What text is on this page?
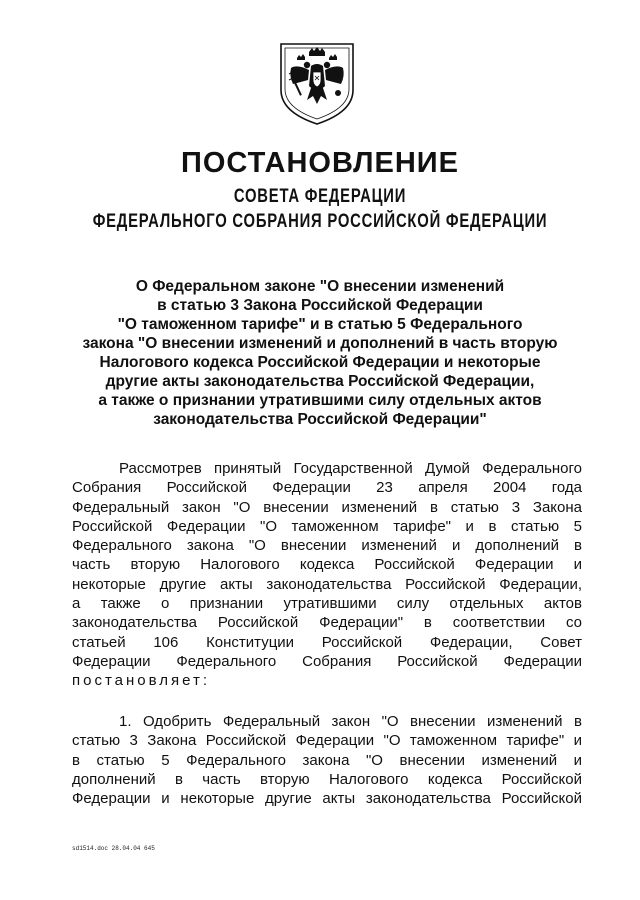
ПОСТАНОВЛЕНИЕ
СОВЕТА ФЕДЕРАЦИИ
ФЕДЕРАЛЬНОГО СОБРАНИЯ РОССИЙСКОЙ ФЕДЕРАЦИИ
О Федеральном законе "О внесении изменений
в статью 3 Закона Российской Федерации
"О таможенном тарифе" и в статью 5 Федерального
закона "О внесении изменений и дополнений в часть вторую
Налогового кодекса Российской Федерации и некоторые
другие акты законодательства Российской Федерации,
а также о признании утратившими силу отдельных актов
законодательства Российской Федерации"
Рассмотрев принятый Государственной Думой Федерального
Собрания Российской Федерации 23 апреля 2004 года
Федеральный закон "О внесении изменений в статью 3 Закона
Российской Федерации "О таможенном тарифе" и в статью 5
Федерального закона "О внесении изменений и дополнений в
часть вторую Налогового кодекса Российской Федерации и
некоторые другие акты законодательства Российской Федерации,
а также о признании утратившими силу отдельных актов
законодательства Российской Федерации" в соответствии со
статьей 106 Конституции Российской Федерации, Совет
Федерации Федерального Собрания Российской Федерации
постановляет:
1. Одобрить Федеральный закон "О внесении изменений в
статью 3 Закона Российской Федерации "О таможенном тарифе" и
в статью 5 Федерального закона "О внесении изменений и
дополнений в часть вторую Налогового кодекса Российской
Федерации и некоторые другие акты законодательства Российской
sd1514.doc 28.04.04 645
